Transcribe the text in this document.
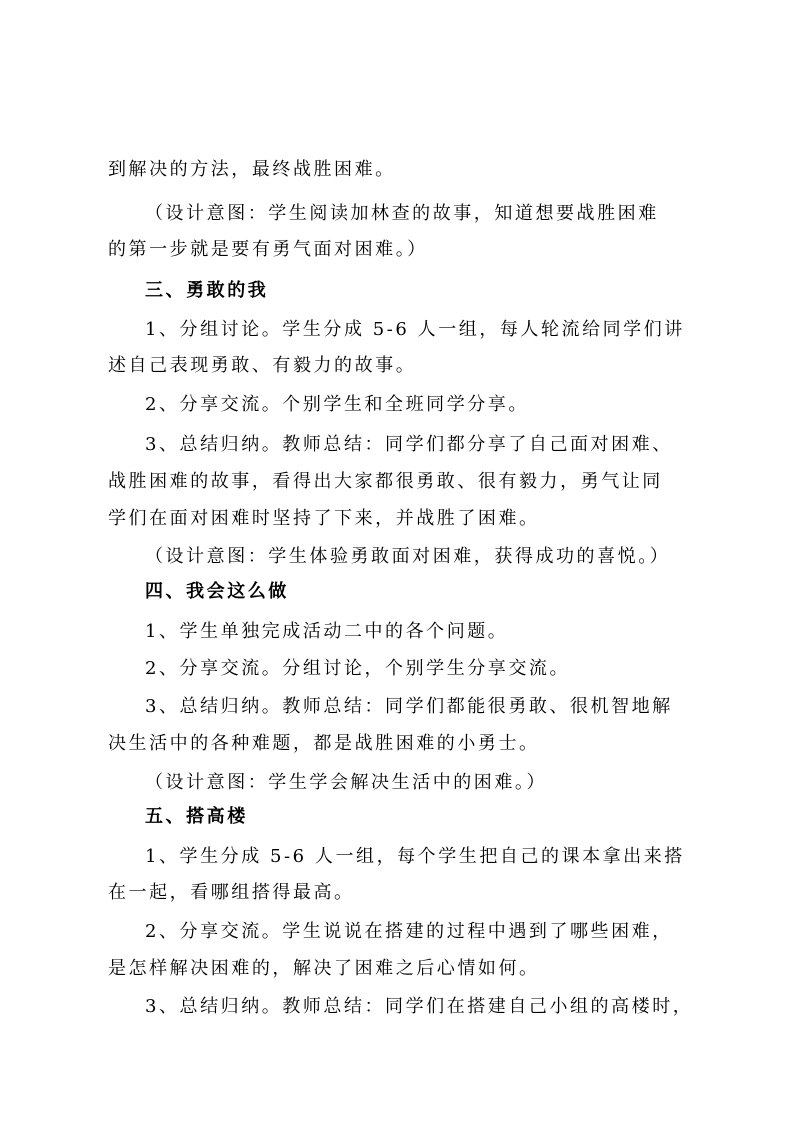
到解决的方法，最终战胜困难。
（设计意图：学生阅读加林查的故事，知道想要战胜困难
的第一步就是要有勇气面对困难。）
三、勇敢的我
1、分组讨论。学生分成 5-6 人一组，每人轮流给同学们讲
述自己表现勇敢、有毅力的故事。
2、分享交流。个别学生和全班同学分享。
3、总结归纳。教师总结：同学们都分享了自己面对困难、
战胜困难的故事，看得出大家都很勇敢、很有毅力，勇气让同
学们在面对困难时坚持了下来，并战胜了困难。
（设计意图：学生体验勇敢面对困难，获得成功的喜悦。）
四、我会这么做
1、学生单独完成活动二中的各个问题。
2、分享交流。分组讨论，个别学生分享交流。
3、总结归纳。教师总结：同学们都能很勇敢、很机智地解
决生活中的各种难题，都是战胜困难的小勇士。
（设计意图：学生学会解决生活中的困难。）
五、搭高楼
1、学生分成 5-6 人一组，每个学生把自己的课本拿出来搭
在一起，看哪组搭得最高。
2、分享交流。学生说说在搭建的过程中遇到了哪些困难，
是怎样解决困难的，解决了困难之后心情如何。
3、总结归纳。教师总结：同学们在搭建自己小组的高楼时，
